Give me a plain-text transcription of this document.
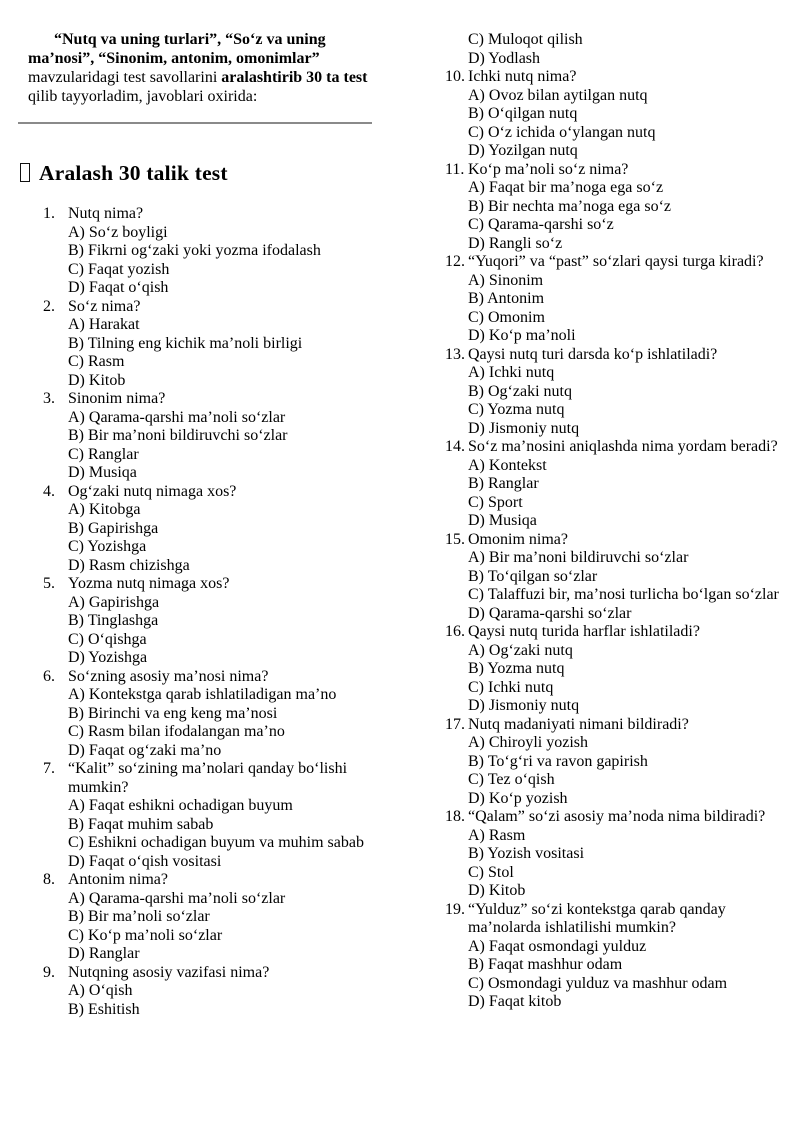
“Nutq va uning turlari”, “So‘z va uning ma’nosi”, “Sinonim, antonim, omonimlar” mavzularidagi test savollarini aralashtirib 30 ta test qilib tayyorladim, javoblari oxirida:

Aralash 30 talik test
1. Nutq nima?
A) So‘z boyligi
B) Fikrni og‘zaki yoki yozma ifodalash
C) Faqat yozish
D) Faqat o‘qish
2. So‘z nima?
A) Harakat
B) Tilning eng kichik ma’noli birligi
C) Rasm
D) Kitob
3. Sinonim nima?
A) Qarama-qarshi ma’noli so‘zlar
B) Bir ma’noni bildiruvchi so‘zlar
C) Ranglar
D) Musiqa
4. Og‘zaki nutq nimaga xos?
A) Kitobga
B) Gapirishga
C) Yozishga
D) Rasm chizishga
5. Yozma nutq nimaga xos?
A) Gapirishga
B) Tinglashga
C) O‘qishga
D) Yozishga
6. So‘zning asosiy ma’nosi nima?
A) Kontekstga qarab ishlatiladigan ma’no
B) Birinchi va eng keng ma’nosi
C) Rasm bilan ifodalangan ma’no
D) Faqat og‘zaki ma’no
7. “Kalit” so‘zining ma’nolari qanday bo‘lishi mumkin?
A) Faqat eshikni ochadigan buyum
B) Faqat muhim sabab
C) Eshikni ochadigan buyum va muhim sabab
D) Faqat o‘qish vositasi
8. Antonim nima?
A) Qarama-qarshi ma’noli so‘zlar
B) Bir ma’noli so‘zlar
C) Ko‘p ma’noli so‘zlar
D) Ranglar
9. Nutqning asosiy vazifasi nima?
A) O‘qish
B) Eshitish
C) Muloqot qilish
D) Yodlash
10. Ichki nutq nima?
A) Ovoz bilan aytilgan nutq
B) O‘qilgan nutq
C) O‘z ichida o‘ylangan nutq
D) Yozilgan nutq
11. Ko‘p ma’noli so‘z nima?
A) Faqat bir ma’noga ega so‘z
B) Bir nechta ma’noga ega so‘z
C) Qarama-qarshi so‘z
D) Rangli so‘z
12. “Yuqori” va “past” so‘zlari qaysi turga kiradi?
A) Sinonim
B) Antonim
C) Omonim
D) Ko‘p ma’noli
13. Qaysi nutq turi darsda ko‘p ishlatiladi?
A) Ichki nutq
B) Og‘zaki nutq
C) Yozma nutq
D) Jismoniy nutq
14. So‘z ma’nosini aniqlashda nima yordam beradi?
A) Kontekst
B) Ranglar
C) Sport
D) Musiqa
15. Omonim nima?
A) Bir ma’noni bildiruvchi so‘zlar
B) To‘qilgan so‘zlar
C) Talaffuzi bir, ma’nosi turlicha bo‘lgan so‘zlar
D) Qarama-qarshi so‘zlar
16. Qaysi nutq turida harflar ishlatiladi?
A) Og‘zaki nutq
B) Yozma nutq
C) Ichki nutq
D) Jismoniy nutq
17. Nutq madaniyati nimani bildiradi?
A) Chiroyli yozish
B) To‘g‘ri va ravon gapirish
C) Tez o‘qish
D) Ko‘p yozish
18. “Qalam” so‘zi asosiy ma’noda nima bildiradi?
A) Rasm
B) Yozish vositasi
C) Stol
D) Kitob
19. “Yulduz” so‘zi kontekstga qarab qanday ma’nolarda ishlatilishi mumkin?
A) Faqat osmondagi yulduz
B) Faqat mashhur odam
C) Osmondagi yulduz va mashhur odam
D) Faqat kitob
